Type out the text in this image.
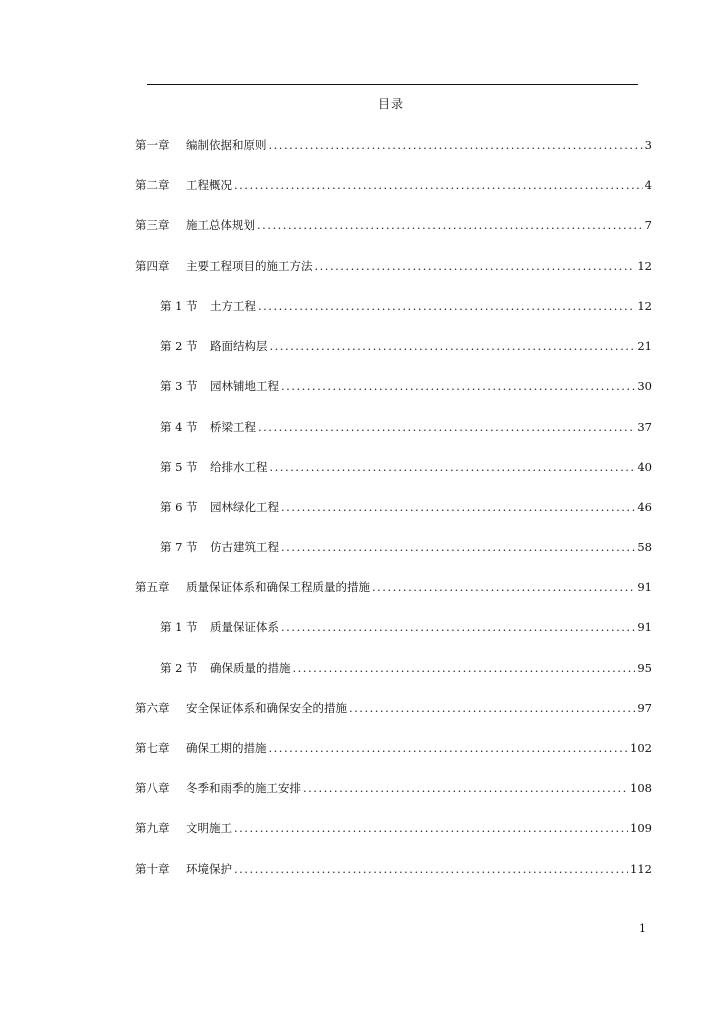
目录
第一章	编制依据和原则 .....	3
第二章	工程概况 .....	4
第三章	施工总体规划 .....	7
第四章	主要工程项目的施工方法 .....	12
第 1 节	土方工程 .....	12
第 2 节	路面结构层 .....	21
第 3 节	园林铺地工程 .....	30
第 4 节	桥梁工程 .....	37
第 5 节	给排水工程 .....	40
第 6 节	园林绿化工程 .....	46
第 7 节	仿古建筑工程 .....	58
第五章	质量保证体系和确保工程质量的措施 .....	91
第 1 节	质量保证体系 .....	91
第 2 节	确保质量的措施 .....	95
第六章	安全保证体系和确保安全的措施 .....	97
第七章	确保工期的措施 .....	102
第八章	冬季和雨季的施工安排 .....	108
第九章	文明施工 .....	109
第十章	环境保护 .....	112
1
